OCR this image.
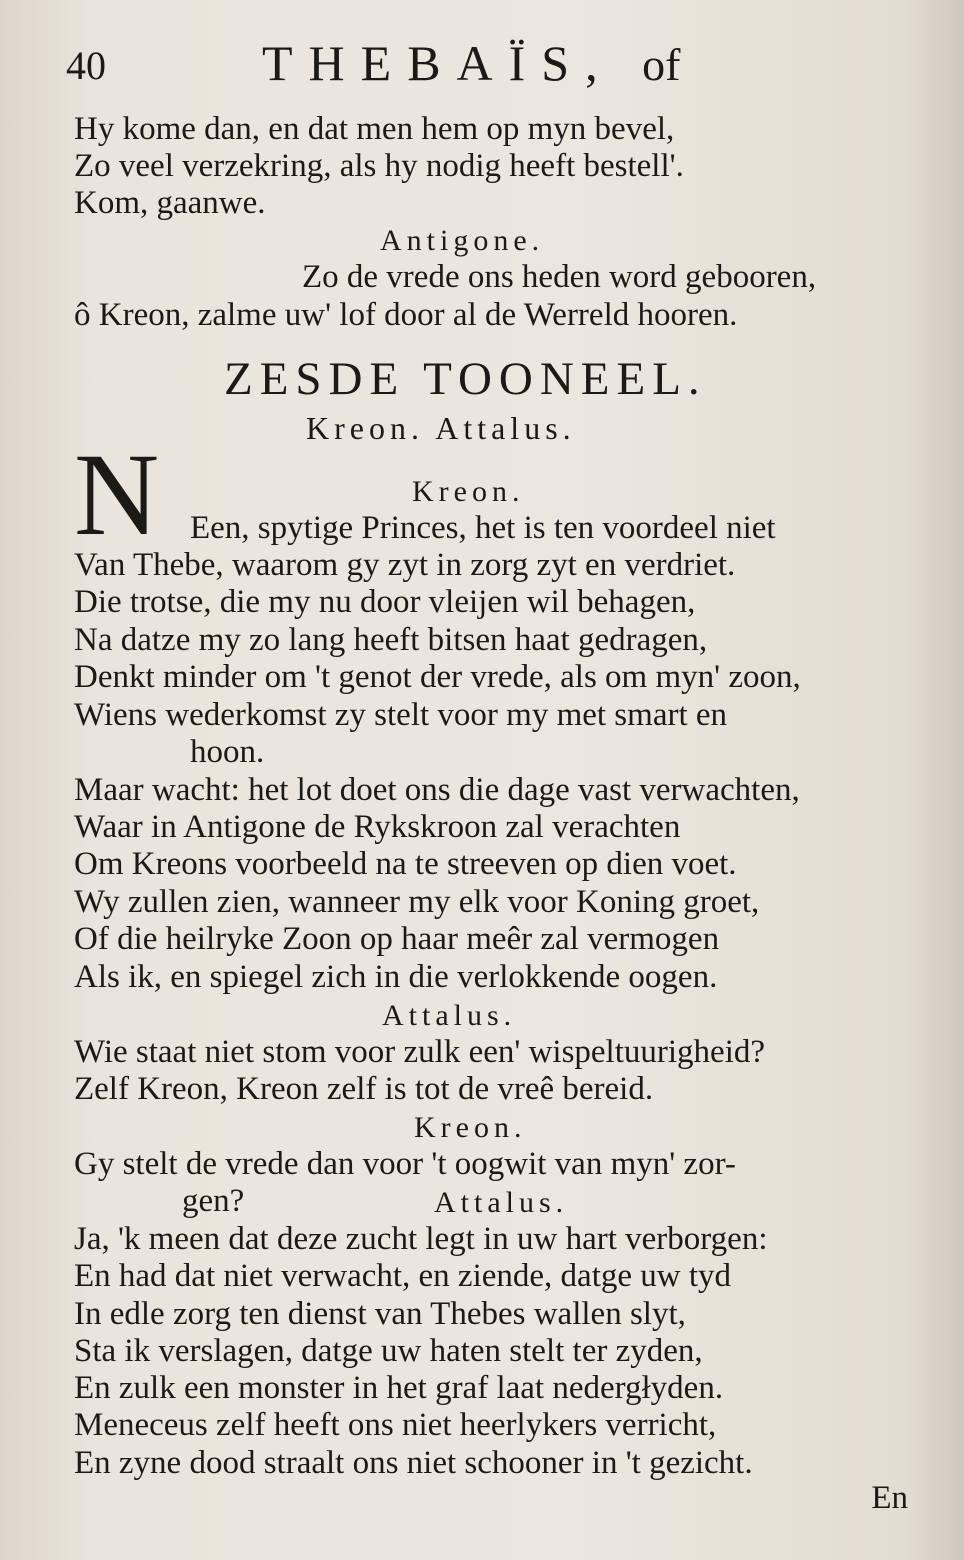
40	THEBAÏS, of
Hy kome dan, en dat men hem op myn bevel,
Zo veel verzekring, als hy nodig heeft bestell'.
Kom, gaanwe.
Antigone.
Zo de vrede ons heden word gebooren,
ô Kreon, zalme uw' lof door al de Werreld hooren.
ZESDE TOONEEL.
Kreon. Attalus.
N	Kreon.
Een, spytige Princes, het is ten voordeel niet
Van Thebe, waarom gy zyt in zorg zyt en verdriet.
Die trotse, die my nu door vleijen wil behagen,
Na datze my zo lang heeft bitsen haat gedragen,
Denkt minder om 't genot der vrede, als om myn' zoon,
Wiens wederkomst zy stelt voor my met smart en
hoon.
Maar wacht: het lot doet ons die dage vast verwachten,
Waar in Antigone de Rykskroon zal verachten
Om Kreons voorbeeld na te streeven op dien voet.
Wy zullen zien, wanneer my elk voor Koning groet,
Of die heilryke Zoon op haar meêr zal vermogen
Als ik, en spiegel zich in die verlokkende oogen.
Attalus.
Wie staat niet stom voor zulk een' wispeltuurigheid?
Zelf Kreon, Kreon zelf is tot de vreê bereid.
Kreon.
Gy stelt de vrede dan voor 't oogwit van myn' zor-
gen?	Attalus.
Ja, 'k meen dat deze zucht legt in uw hart verborgen:
En had dat niet verwacht, en ziende, datge uw tyd
In edle zorg ten dienst van Thebes wallen slyt,
Sta ik verslagen, datge uw haten stelt ter zyden,
En zulk een monster in het graf laat nedergłyden.
Meneceus zelf heeft ons niet heerlykers verricht,
En zyne dood straalt ons niet schooner in 't gezicht.
En
